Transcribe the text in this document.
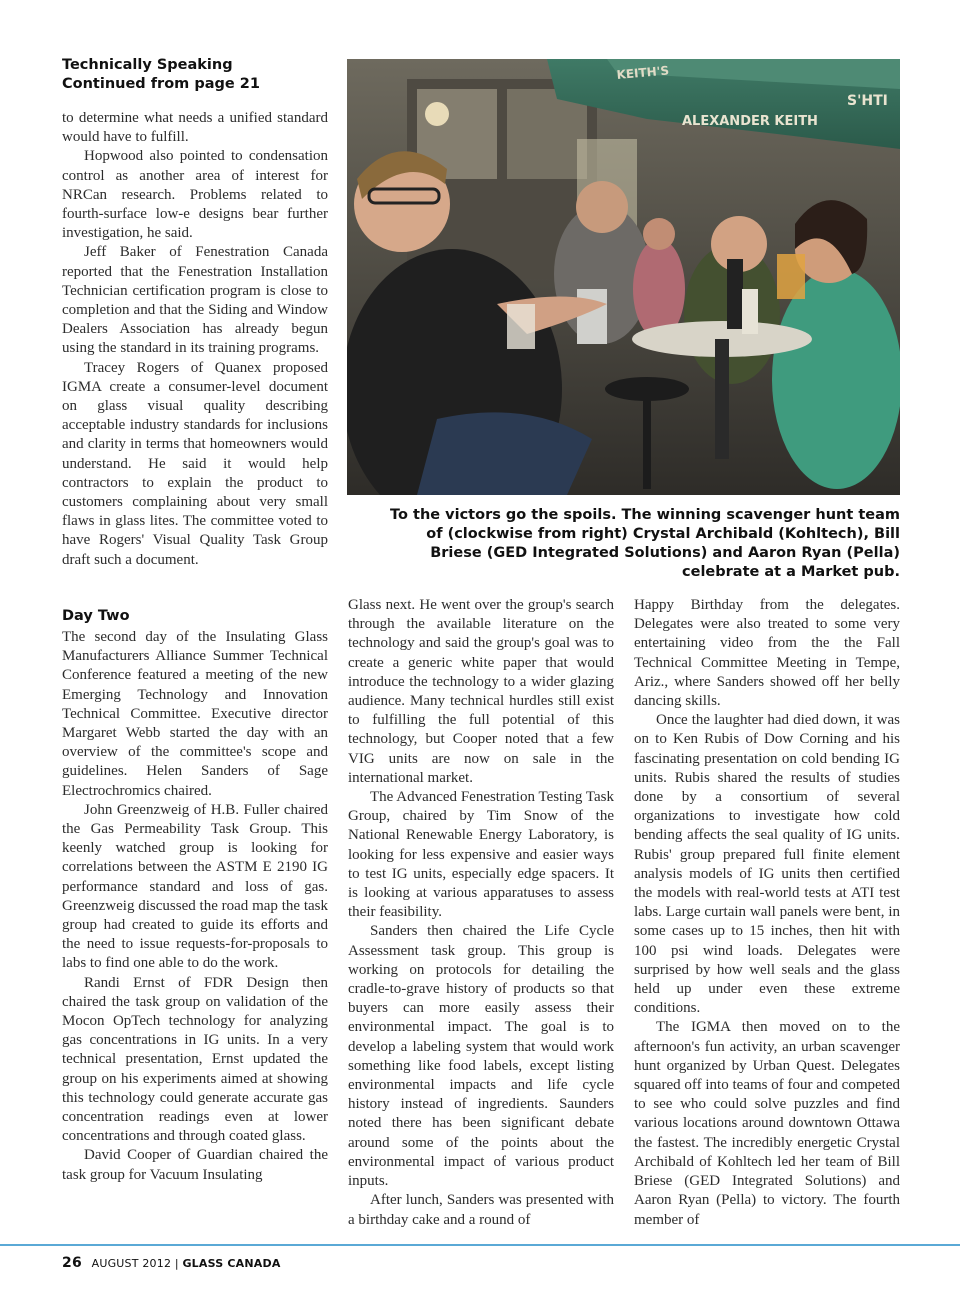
Technically Speaking
Continued from page 21

to determine what needs a unified standard would have to fulfill.

Hopwood also pointed to condensation control as another area of interest for NRCan research. Problems related to fourth-surface low-e designs bear further investigation, he said.

Jeff Baker of Fenestration Canada reported that the Fenestration Installation Technician certification program is close to completion and that the Siding and Window Dealers Association has already begun using the standard in its training programs.

Tracey Rogers of Quanex proposed IGMA create a consumer-level document on glass visual quality describing acceptable industry standards for inclusions and clarity in terms that homeowners would understand. He said it would help contractors to explain the product to customers complaining about very small flaws in glass lites. The committee voted to have Rogers' Visual Quality Task Group draft such a document.

Day Two

The second day of the Insulating Glass Manufacturers Alliance Summer Technical Conference featured a meeting of the new Emerging Technology and Innovation Technical Committee. Executive director Margaret Webb started the day with an overview of the committee's scope and guidelines. Helen Sanders of Sage Electrochromics chaired.

John Greenzweig of H.B. Fuller chaired the Gas Permeability Task Group. This keenly watched group is looking for correlations between the ASTM E 2190 IG performance standard and loss of gas. Greenzweig discussed the road map the task group had created to guide its efforts and the need to issue requests-for-proposals to labs to find one able to do the work.

Randi Ernst of FDR Design then chaired the task group on validation of the Mocon OpTech technology for analyzing gas concentrations in IG units. In a very technical presentation, Ernst updated the group on his experiments aimed at showing this technology could generate accurate gas concentration readings even at lower concentrations and through coated glass.

David Cooper of Guardian chaired the task group for Vacuum Insulating

ALEXANDER KEITH
KEITH'S
S'HTI
To the victors go the spoils. The winning scavenger hunt team of (clockwise from right) Crystal Archibald (Kohltech), Bill Briese (GED Integrated Solutions) and Aaron Ryan (Pella) celebrate at a Market pub.

Glass next. He went over the group's search through the available literature on the technology and said the group's goal was to create a generic white paper that would introduce the technology to a wider glazing audience. Many technical hurdles still exist to fulfilling the full potential of this technology, but Cooper noted that a few VIG units are now on sale in the international market.

The Advanced Fenestration Testing Task Group, chaired by Tim Snow of the National Renewable Energy Laboratory, is looking for less expensive and easier ways to test IG units, especially edge spacers. It is looking at various apparatuses to assess their feasibility.

Sanders then chaired the Life Cycle Assessment task group. This group is working on protocols for detailing the cradle-to-grave history of products so that buyers can more easily assess their environmental impact. The goal is to develop a labeling system that would work something like food labels, except listing environmental impacts and life cycle history instead of ingredients. Saunders noted there has been significant debate around some of the points about the environmental impact of various product inputs.

After lunch, Sanders was presented with a birthday cake and a round of

Happy Birthday from the delegates. Delegates were also treated to some very entertaining video from the the Fall Technical Committee Meeting in Tempe, Ariz., where Sanders showed off her belly dancing skills.

Once the laughter had died down, it was on to Ken Rubis of Dow Corning and his fascinating presentation on cold bending IG units. Rubis shared the results of studies done by a consortium of several organizations to investigate how cold bending affects the seal quality of IG units. Rubis' group prepared full finite element analysis models of IG units then certified the models with real-world tests at ATI test labs. Large curtain wall panels were bent, in some cases up to 15 inches, then hit with 100 psi wind loads. Delegates were surprised by how well seals and the glass held up under even these extreme conditions.

The IGMA then moved on to the afternoon's fun activity, an urban scavenger hunt organized by Urban Quest. Delegates squared off into teams of four and competed to see who could solve puzzles and find various locations around downtown Ottawa the fastest. The incredibly energetic Crystal Archibald of Kohltech led her team of Bill Briese (GED Integrated Solutions) and Aaron Ryan (Pella) to victory. The fourth member of

26 AUGUST 2012 | GLASS CANADA
